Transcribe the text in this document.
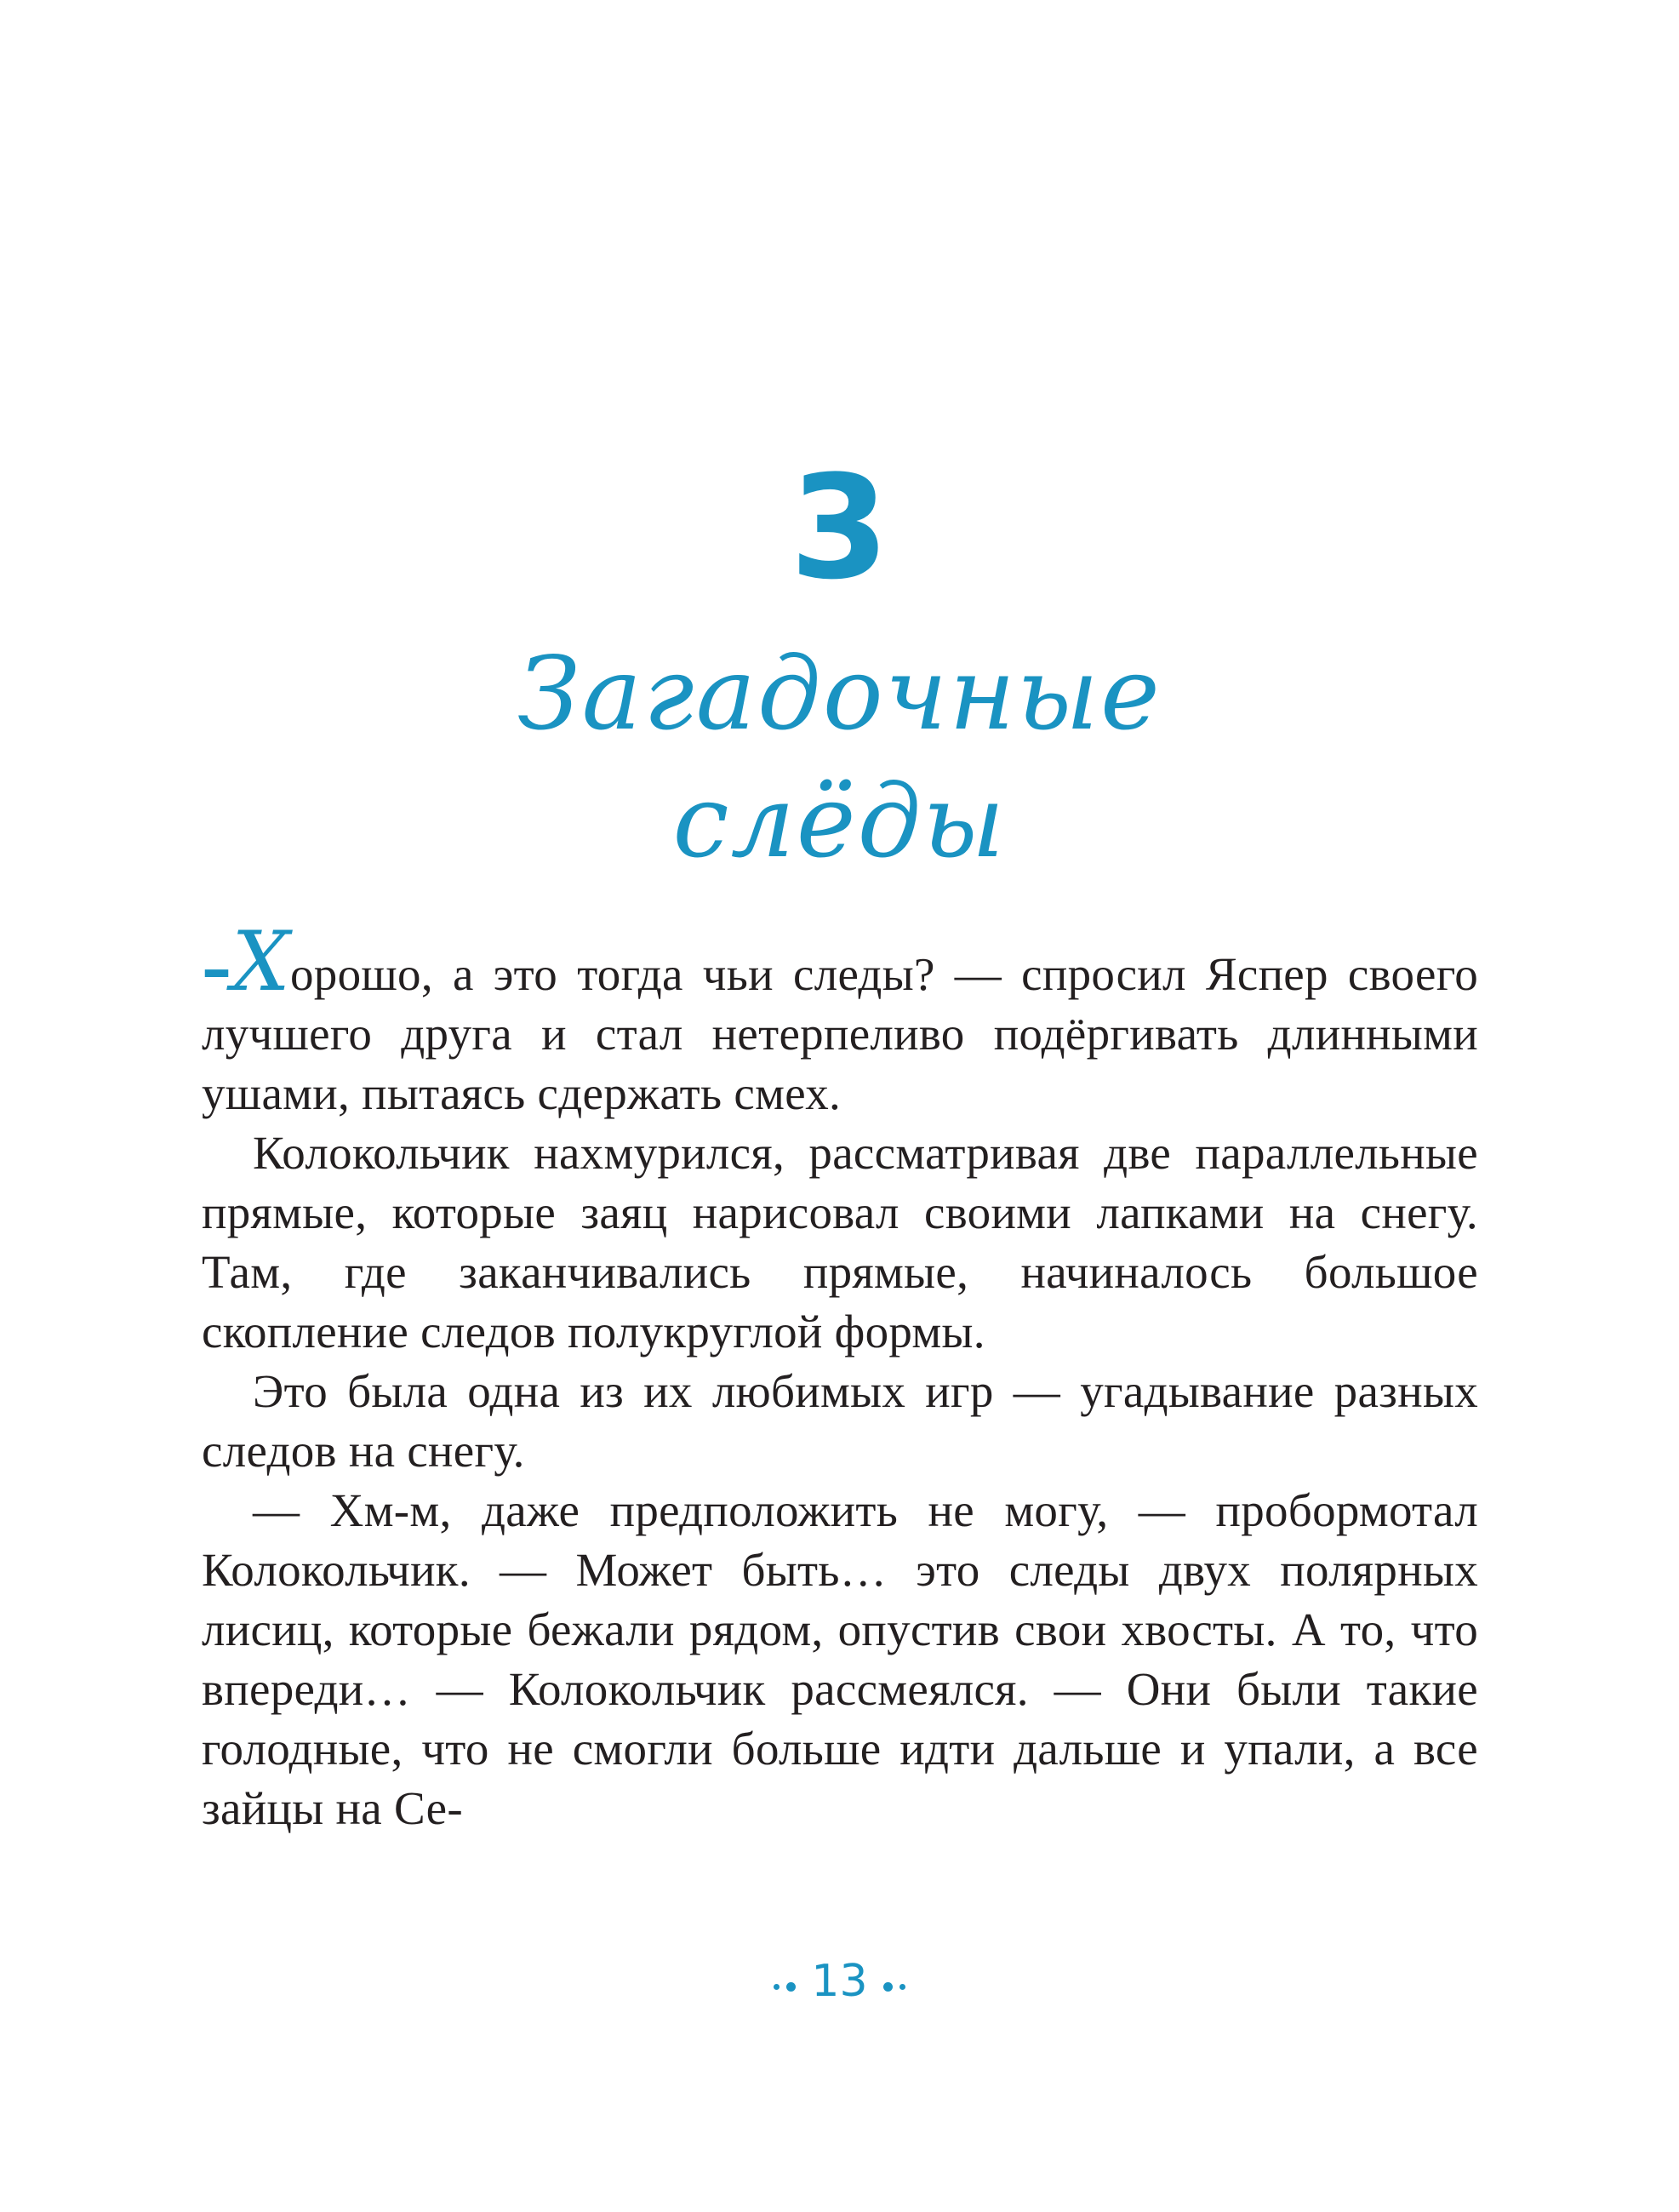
3
Загадочные
слёды

–Хорошо, а это тогда чьи следы? — спросил Яспер своего лучшего друга и стал нетерпеливо подёргивать длинными ушами, пытаясь сдержать смех.

Колокольчик нахмурился, рассматривая две параллельные прямые, которые заяц нарисовал своими лапками на снегу. Там, где заканчивались прямые, начиналось большое скопление следов полукруглой формы.

Это была одна из их любимых игр — угадывание разных следов на снегу.

— Хм-м, даже предположить не могу, — пробормотал Колокольчик. — Может быть… это следы двух полярных лисиц, которые бежали рядом, опустив свои хвосты. А то, что впереди… — Колокольчик рассмеялся. — Они были такие голодные, что не смогли больше идти дальше и упали, а все зайцы на Се-

13
